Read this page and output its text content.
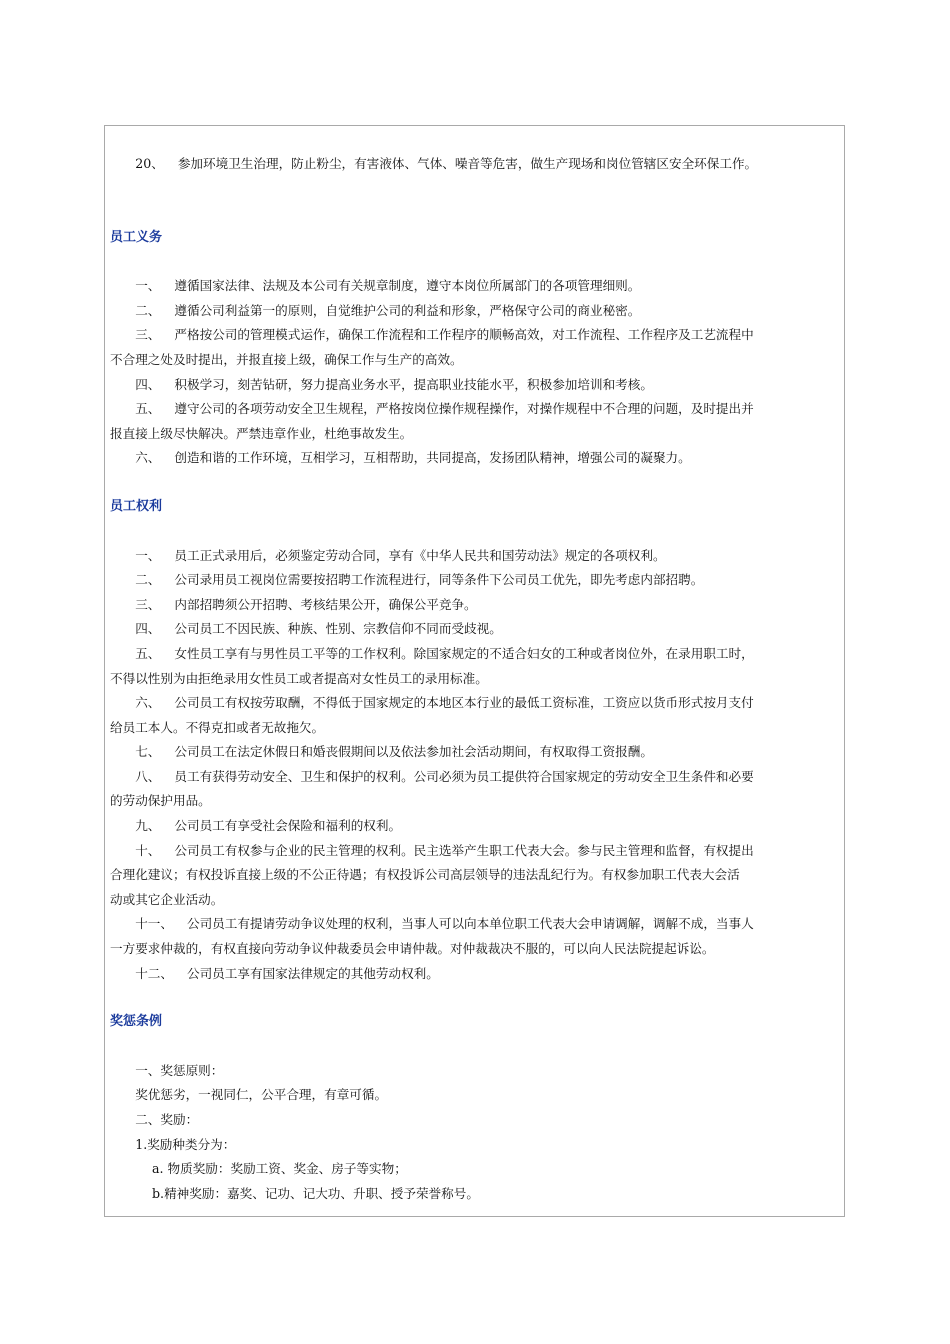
20、 参加环境卫生治理，防止粉尘，有害液体、气体、噪音等危害，做生产现场和岗位管辖区安全环保工作。

员工义务

一、 遵循国家法律、法规及本公司有关规章制度，遵守本岗位所属部门的各项管理细则。

二、 遵循公司利益第一的原则，自觉维护公司的利益和形象，严格保守公司的商业秘密。

三、 严格按公司的管理模式运作，确保工作流程和工作程序的顺畅高效，对工作流程、工作程序及工艺流程中

不合理之处及时提出，并报直接上级，确保工作与生产的高效。

四、 积极学习，刻苦钻研，努力提高业务水平，提高职业技能水平，积极参加培训和考核。

五、 遵守公司的各项劳动安全卫生规程，严格按岗位操作规程操作，对操作规程中不合理的问题，及时提出并

报直接上级尽快解决。严禁违章作业，杜绝事故发生。

六、 创造和谐的工作环境，互相学习，互相帮助，共同提高，发扬团队精神，增强公司的凝聚力。

员工权利

一、 员工正式录用后，必须鉴定劳动合同，享有《中华人民共和国劳动法》规定的各项权利。

二、 公司录用员工视岗位需要按招聘工作流程进行，同等条件下公司员工优先，即先考虑内部招聘。

三、 内部招聘须公开招聘、考核结果公开，确保公平竞争。

四、 公司员工不因民族、种族、性别、宗教信仰不同而受歧视。

五、 女性员工享有与男性员工平等的工作权利。除国家规定的不适合妇女的工种或者岗位外，在录用职工时，

不得以性别为由拒绝录用女性员工或者提高对女性员工的录用标准。

六、 公司员工有权按劳取酬，不得低于国家规定的本地区本行业的最低工资标准，工资应以货币形式按月支付

给员工本人。不得克扣或者无故拖欠。

七、 公司员工在法定休假日和婚丧假期间以及依法参加社会活动期间，有权取得工资报酬。

八、 员工有获得劳动安全、卫生和保护的权利。公司必须为员工提供符合国家规定的劳动安全卫生条件和必要

的劳动保护用品。

九、 公司员工有享受社会保险和福利的权利。

十、 公司员工有权参与企业的民主管理的权利。民主选举产生职工代表大会。参与民主管理和监督，有权提出

合理化建议；有权投诉直接上级的不公正待遇；有权投诉公司高层领导的违法乱纪行为。有权参加职工代表大会活

动或其它企业活动。

十一、 公司员工有提请劳动争议处理的权利，当事人可以向本单位职工代表大会申请调解，调解不成，当事人

一方要求仲裁的，有权直接向劳动争议仲裁委员会申请仲裁。对仲裁裁决不服的，可以向人民法院提起诉讼。

十二、 公司员工享有国家法律规定的其他劳动权利。

奖惩条例

一、奖惩原则：

奖优惩劣，一视同仁，公平合理，有章可循。

二、奖励：

1.奖励种类分为：

a. 物质奖励：奖励工资、奖金、房子等实物；

b.精神奖励：嘉奖、记功、记大功、升职、授予荣誉称号。
